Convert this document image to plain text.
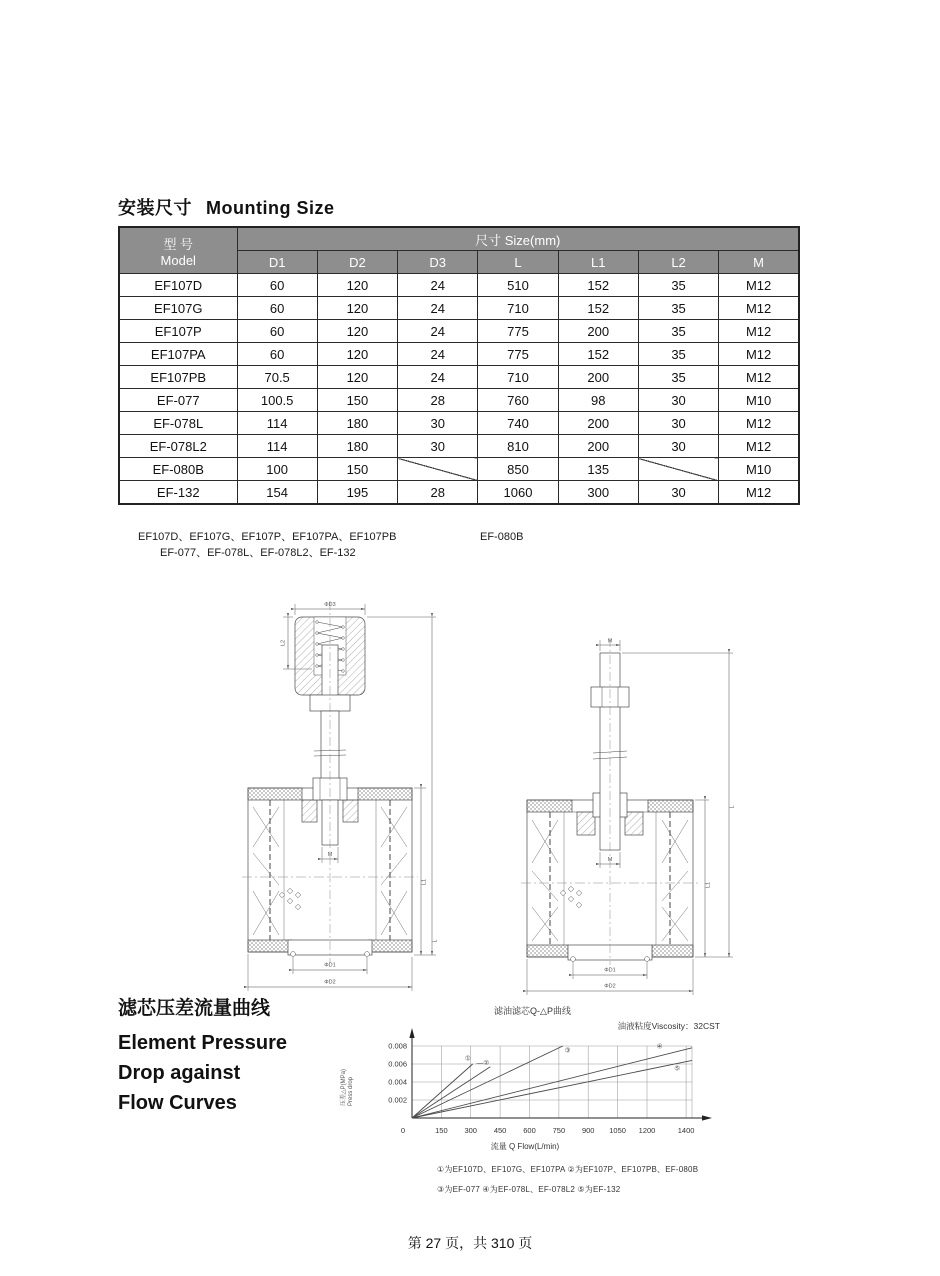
安装尺寸 Mounting Size
型 号
Model	尺寸 Size(mm)						
	D1	D2	D3	L	L1	L2	M
EF107D	60	120	24	510	152	35	M12
EF107G	60	120	24	710	152	35	M12
EF107P	60	120	24	775	200	35	M12
EF107PA	60	120	24	775	152	35	M12
EF107PB	70.5	120	24	710	200	35	M12
EF-077	100.5	150	28	760	98	30	M10
EF-078L	114	180	30	740	200	30	M12
EF-078L2	114	180	30	810	200	30	M12
EF-080B	100	150		850	135		M10
EF-132	154	195	28	1060	300	30	M12
EF107D、EF107G、EF107P、EF107PA、EF107PB
EF-077、EF-078L、EF-078L2、EF-132
EF-080B
ΦD3
L2
L
M
L1
ΦD1
ΦD2
M
L
M
L1
ΦD1
ΦD2
滤芯压差流量曲线
Element Pressure
Drop against
Flow Curves
滤油滤芯Q-△P曲线
油液粘度Viscosity：32CST
0.002
0.004
0.006
0.008
0	150 300 450 600 750 900 1050 1200	1400
①
—②
③
④
⑤
压差△P(MPa) Press drop
流量 Q Flow(L/min)
①为EF107D、EF107G、EF107PA ②为EF107P、EF107PB、EF-080B
③为EF-077 ④为EF-078L、EF-078L2 ⑤为EF-132
第 27 页，共 310 页
